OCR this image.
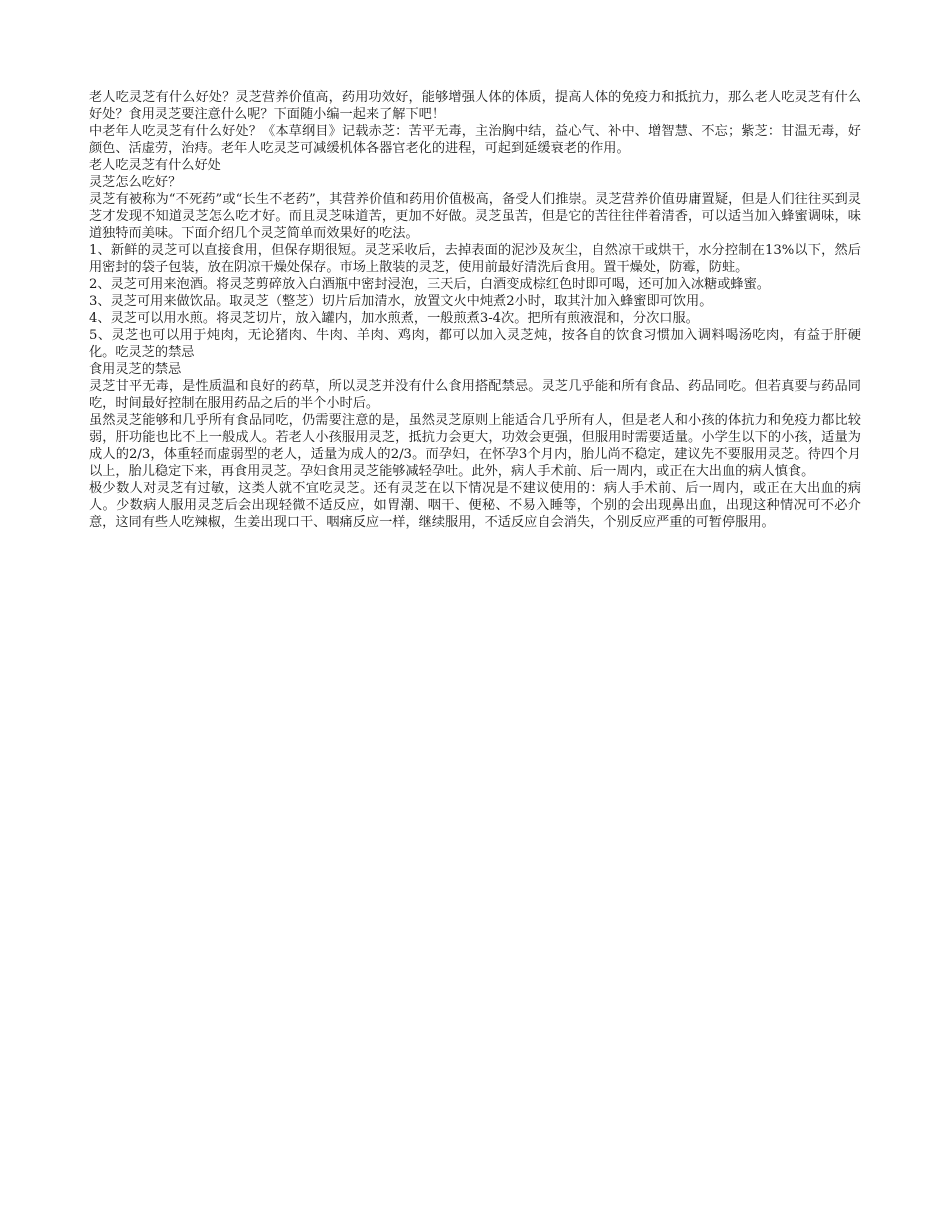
老人吃灵芝有什么好处？灵芝营养价值高，药用功效好，能够增强人体的体质，提高人体的免疫力和抵抗力，那么老人吃灵芝有什么好处？食用灵芝要注意什么呢？下面随小编一起来了解下吧！

中老年人吃灵芝有什么好处？《本草纲目》记载赤芝：苦平无毒，主治胸中结，益心气、补中、增智慧、不忘；紫芝：甘温无毒，好颜色、活虚劳，治痔。老年人吃灵芝可减缓机体各器官老化的进程，可起到延缓衰老的作用。

老人吃灵芝有什么好处

灵芝怎么吃好？

灵芝有被称为“不死药”或“长生不老药”，其营养价值和药用价值极高，备受人们推崇。灵芝营养价值毋庸置疑，但是人们往往买到灵芝才发现不知道灵芝怎么吃才好。而且灵芝味道苦，更加不好做。灵芝虽苦，但是它的苦往往伴着清香，可以适当加入蜂蜜调味，味道独特而美味。下面介绍几个灵芝简单而效果好的吃法。

1、新鲜的灵芝可以直接食用，但保存期很短。灵芝采收后，去掉表面的泥沙及灰尘，自然凉干或烘干，水分控制在13%以下，然后用密封的袋子包装，放在阴凉干燥处保存。市场上散装的灵芝，使用前最好清洗后食用。置干燥处，防霉，防蛀。

2、灵芝可用来泡酒。将灵芝剪碎放入白酒瓶中密封浸泡，三天后，白酒变成棕红色时即可喝，还可加入冰糖或蜂蜜。

3、灵芝可用来做饮品。取灵芝（整芝）切片后加清水，放置文火中炖煮2小时，取其汁加入蜂蜜即可饮用。

4、灵芝可以用水煎。将灵芝切片，放入罐内，加水煎煮，一般煎煮3-4次。把所有煎液混和，分次口服。

5、灵芝也可以用于炖肉，无论猪肉、牛肉、羊肉、鸡肉，都可以加入灵芝炖，按各自的饮食习惯加入调料喝汤吃肉，有益于肝硬化。吃灵芝的禁忌

食用灵芝的禁忌

灵芝甘平无毒，是性质温和良好的药草，所以灵芝并没有什么食用搭配禁忌。灵芝几乎能和所有食品、药品同吃。但若真要与药品同吃，时间最好控制在服用药品之后的半个小时后。

虽然灵芝能够和几乎所有食品同吃，仍需要注意的是，虽然灵芝原则上能适合几乎所有人，但是老人和小孩的体抗力和免疫力都比较弱，肝功能也比不上一般成人。若老人小孩服用灵芝，抵抗力会更大，功效会更强，但服用时需要适量。小学生以下的小孩，适量为成人的2/3，体重轻而虚弱型的老人，适量为成人的2/3。而孕妇，在怀孕3个月内，胎儿尚不稳定，建议先不要服用灵芝。待四个月以上，胎儿稳定下来，再食用灵芝。孕妇食用灵芝能够减轻孕吐。此外，病人手术前、后一周内，或正在大出血的病人慎食。

极少数人对灵芝有过敏，这类人就不宜吃灵芝。还有灵芝在以下情况是不建议使用的：病人手术前、后一周内，或正在大出血的病人。少数病人服用灵芝后会出现轻微不适反应，如胃潮、咽干、便秘、不易入睡等，个别的会出现鼻出血，出现这种情况可不必介意，这同有些人吃辣椒，生姜出现口干、咽痛反应一样，继续服用，不适反应自会消失，个别反应严重的可暂停服用。
